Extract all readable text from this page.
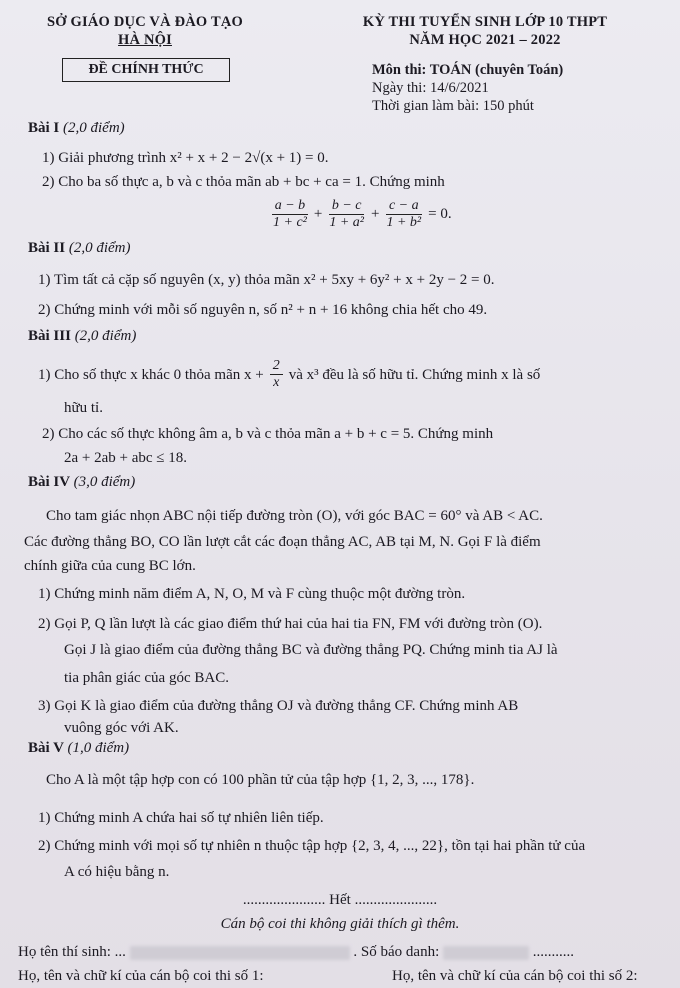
SỞ GIÁO DỤC VÀ ĐÀO TẠO
HÀ NỘI
ĐỀ CHÍNH THỨC
KỲ THI TUYỂN SINH LỚP 10 THPT
NĂM HỌC 2021 – 2022
Môn thi: TOÁN (chuyên Toán)
Ngày thi: 14/6/2021
Thời gian làm bài: 150 phút
Bài I (2,0 điểm)
1) Giải phương trình x² + x + 2 − 2√(x + 1) = 0.
2) Cho ba số thực a, b và c thỏa mãn ab + bc + ca = 1. Chứng minh
$\frac{a - b}{\text{1 + c²}} + \frac{b - c}{\text{1 + a²}} + \frac{c - a}{\text{1 + b²}} = 0$.
Bài II (2,0 điểm)
1) Tìm tất cả cặp số nguyên (x, y) thỏa mãn x² + 5xy + 6y² + x + 2y − 2 = 0.
2) Chứng minh với mỗi số nguyên n, số n² + n + 16 không chia hết cho 49.
Bài III (2,0 điểm)
1) Cho số thực x khác 0 thỏa mãn $x + \frac{2}{x}$ và x³ đều là số hữu tỉ. Chứng minh x là số
hữu tỉ.
2) Cho các số thực không âm a, b và c thỏa mãn a + b + c = 5. Chứng minh
2a + 2ab + abc ≤ 18.
Bài IV (3,0 điểm)
Cho tam giác nhọn ABC nội tiếp đường tròn (O), với góc BAC = 60° và AB < AC.
Các đường thẳng BO, CO lần lượt cắt các đoạn thẳng AC, AB tại M, N. Gọi F là điểm
chính giữa của cung BC lớn.
1) Chứng minh năm điểm A, N, O, M và F cùng thuộc một đường tròn.
2) Gọi P, Q lần lượt là các giao điểm thứ hai của hai tia FN, FM với đường tròn (O).
Gọi J là giao điểm của đường thẳng BC và đường thẳng PQ. Chứng minh tia AJ là
tia phân giác của góc BAC.
3) Gọi K là giao điểm của đường thẳng OJ và đường thẳng CF. Chứng minh AB
vuông góc với AK.
Bài V (1,0 điểm)
Cho A là một tập hợp con có 100 phần tử của tập hợp {1, 2, 3, ..., 178}.
1) Chứng minh A chứa hai số tự nhiên liên tiếp.
2) Chứng minh với mọi số tự nhiên n thuộc tập hợp {2, 3, 4, ..., 22}, tồn tại hai phần tử của
A có hiệu bằng n.
...................... Hết ......................
Cán bộ coi thi không giải thích gì thêm.
Họ tên thí sinh: ...	. Số báo danh:	...........
Họ, tên và chữ kí của cán bộ coi thi số 1:	Họ, tên và chữ kí của cán bộ coi thi số 2:
